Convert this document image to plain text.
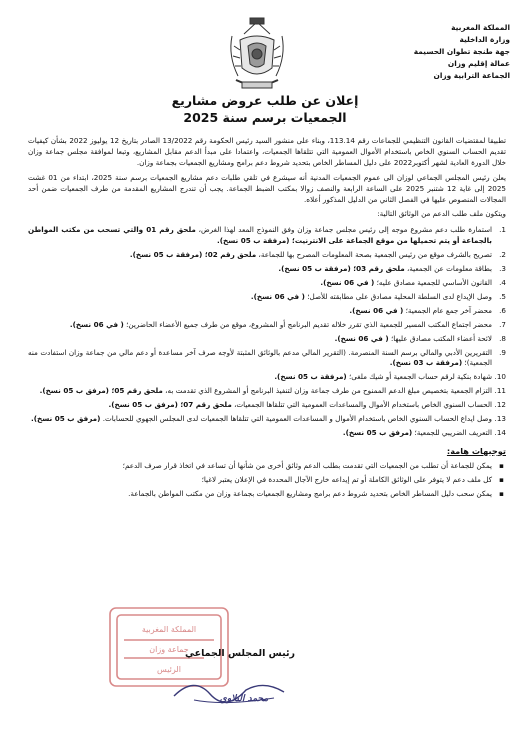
المملكة المغربية
وزارة الداخلية
جهة طنجة تطوان الحسيمة
عمالة إقليم وزان
الجماعة الترابية وزان
إعلان عن طلب عروض مشاريع
الجمعيات برسم سنة 2025

تطبيقا لمقتضيات القانون التنظيمي للجماعات رقم 113.14، وبناء على منشور السيد رئيس الحكومة رقم 13/2022 الصادر بتاريخ 12 يوليوز 2022 بشأن كيفيات تقديم الحساب السنوي الخاص باستخدام الأموال العمومية التي تتلقاها الجمعيات، واعتمادا على مبدأ الدعم مقابل المشاريع، وتبعا لموافقة مجلس جماعة وزان خلال الدورة العادية لشهر أكتوبر2022 على دليل المساطر الخاص بتحديد شروط دعم برامج ومشاريع الجمعيات بجماعة وزان.

يعلن رئيس المجلس الجماعي لوزان الى عموم الجمعيات المدنية أنه سيشرع في تلقي طلبات دعم مشاريع الجمعيات برسم سنة 2025، ابتداء من 01 غشت 2025 إلى غاية 12 شتنبر 2025 على الساعة الرابعة والنصف زوالا بمكتب الضبط الجماعة. يجب أن تندرج المشاريع المقدمة من طرف الجمعيات ضمن أحد المجالات المنصوص عليها في الفصل الثاني من الدليل المذكور أعلاه.

ويتكون ملف طلب الدعم من الوثائق التالية:

1.
استمارة طلب دعم مشروع موجه إلى رئيس مجلس جماعة وزان وفق النموذج المعد لهذا الغرض، ملحق رقم 01 والتي تسحب من مكتب المواطن بالجماعة أو يتم تحميلها من موقع الجماعة على الانترنيت؛ (مرفقة ب 05 نسخ).
2.
تصريح بالشرف موقع من رئيس الجمعية بصحة المعلومات المصرح بها للجماعة، ملحق رقم 02؛ (مرفقة ب 05 نسخ).
3.
بطاقة معلومات عن الجمعية، ملحق رقم 03؛ (مرفقة ب 05 نسخ).
4.
القانون الأساسي للجمعية مصادق عليه؛ ( في 06 نسخ).
5.
وصل الإيداع لدى السلطة المحلية مصادق على مطابقته للأصل؛ ( في 06 نسخ).
6.
محضر آخر جمع عام الجمعية؛ ( في 06 نسخ).
7.
محضر اجتماع المكتب المسير للجمعية الذي تقرر خلاله تقديم البرنامج أو المشروع، موقع من طرف جميع الأعضاء الحاضرين؛ ( في 06 نسخ).
8.
لائحة أعضاء المكتب مصادق عليها؛ ( في 06 نسخ).
9.
التقريرين الأدبي والمالي برسم السنة المنصرمة. (التقرير المالي مدعم بالوثائق المثبتة لأوجه صرف آخر مساعدة أو دعم مالي من جماعة وزان استفادت منه الجمعية)؛ (مرفقة ب 03 نسخ).
10.
شهادة بنكية لرقم حساب الجمعية أو شيك ملغى؛ (مرفقة ب 05 نسخ).
11.
التزام الجمعية بتخصيص مبلغ الدعم الممنوح من طرف جماعة وزان لتنفيذ البرنامج أو المشروع الذي تقدمت به، ملحق رقم 05؛ (مرفق ب 05 نسخ).
12.
الحساب السنوي الخاص باستخدام الأموال والمساعدات العمومية التي تتلقاها الجمعيات، ملحق رقم 07؛ (مرفق ب 05 نسخ).
13.
وصل ايداع الحساب السنوي الخاص باستخدام الأموال و المساعدات العمومية التي تتلقاها الجمعيات لدى المجلس الجهوي للحسابات. (مرفق ب 05 نسخ).
14.
التعريف الضريبي للجمعية؛ (مرفق ب 05 نسخ).
توجيهات هامة:
▪
يمكن للجماعة أن تطلب من الجمعيات التي تقدمت بطلب الدعم وثائق أخرى من شأنها أن تساعد في اتخاذ قرار صرف الدعم؛
▪
كل ملف دعم لا يتوفر على الوثائق الكاملة أو تم إيداعه خارج الآجال المحددة في الإعلان يعتبر لاغيا؛
▪
يمكن سحب دليل المساطر الخاص بتحديد شروط دعم برامج ومشاريع الجمعيات بجماعة وزان من مكتب المواطن بالجماعة.
المملكة المغربية
جماعة وزان
الرئيس
رئيس المجلس الجماعي
محمد البلاوي
